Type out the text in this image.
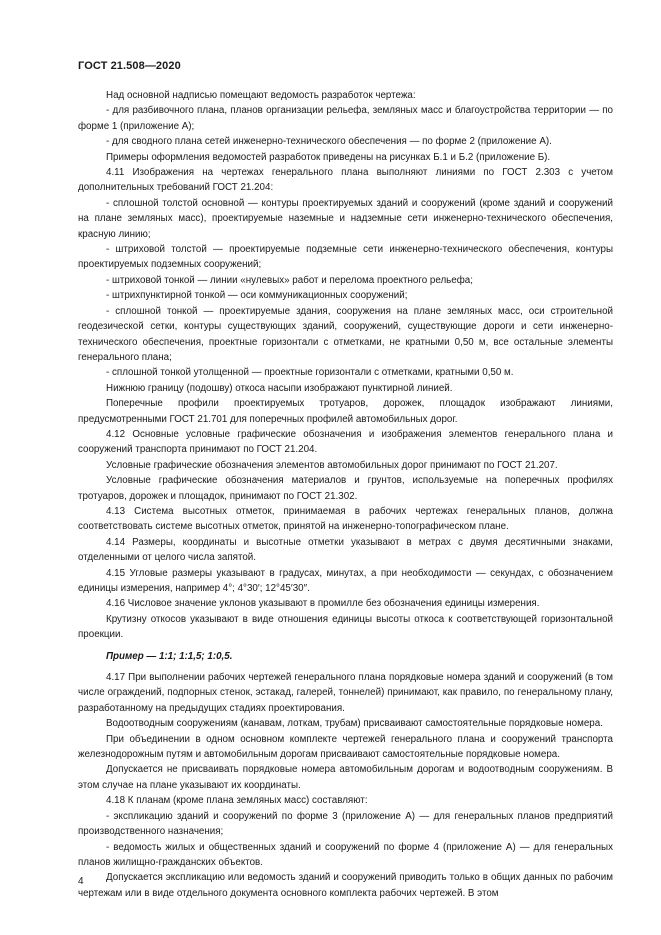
ГОСТ 21.508—2020

Над основной надписью помещают ведомость разработок чертежа:

- для разбивочного плана, планов организации рельефа, земляных масс и благоустройства территории — по форме 1 (приложение А);

- для сводного плана сетей инженерно-технического обеспечения — по форме 2 (приложение А).

Примеры оформления ведомостей разработок приведены на рисунках Б.1 и Б.2 (приложение Б).

4.11 Изображения на чертежах генерального плана выполняют линиями по ГОСТ 2.303 с учетом дополнительных требований ГОСТ 21.204:

- сплошной толстой основной — контуры проектируемых зданий и сооружений (кроме зданий и сооружений на плане земляных масс), проектируемые наземные и надземные сети инженерно-технического обеспечения, красную линию;

- штриховой толстой — проектируемые подземные сети инженерно-технического обеспечения, контуры проектируемых подземных сооружений;

- штриховой тонкой — линии «нулевых» работ и перелома проектного рельефа;

- штрихпунктирной тонкой — оси коммуникационных сооружений;

- сплошной тонкой — проектируемые здания, сооружения на плане земляных масс, оси строительной геодезической сетки, контуры существующих зданий, сооружений, существующие дороги и сети инженерно-технического обеспечения, проектные горизонтали с отметками, не кратными 0,50 м, все остальные элементы генерального плана;

- сплошной тонкой утолщенной — проектные горизонтали с отметками, кратными 0,50 м.

Нижнюю границу (подошву) откоса насыпи изображают пунктирной линией.

Поперечные профили проектируемых тротуаров, дорожек, площадок изображают линиями, предусмотренными ГОСТ 21.701 для поперечных профилей автомобильных дорог.

4.12 Основные условные графические обозначения и изображения элементов генерального плана и сооружений транспорта принимают по ГОСТ 21.204.

Условные графические обозначения элементов автомобильных дорог принимают по ГОСТ 21.207.

Условные графические обозначения материалов и грунтов, используемые на поперечных профилях тротуаров, дорожек и площадок, принимают по ГОСТ 21.302.

4.13 Система высотных отметок, принимаемая в рабочих чертежах генеральных планов, должна соответствовать системе высотных отметок, принятой на инженерно-топографическом плане.

4.14 Размеры, координаты и высотные отметки указывают в метрах с двумя десятичными знаками, отделенными от целого числа запятой.

4.15 Угловые размеры указывают в градусах, минутах, а при необходимости — секундах, с обозначением единицы измерения, например 4°; 4°30′; 12°45′30″.

4.16 Числовое значение уклонов указывают в промилле без обозначения единицы измерения.

Крутизну откосов указывают в виде отношения единицы высоты откоса к соответствующей горизонтальной проекции.

Пример — 1:1; 1:1,5; 1:0,5.

4.17 При выполнении рабочих чертежей генерального плана порядковые номера зданий и сооружений (в том числе ограждений, подпорных стенок, эстакад, галерей, тоннелей) принимают, как правило, по генеральному плану, разработанному на предыдущих стадиях проектирования.

Водоотводным сооружениям (канавам, лоткам, трубам) присваивают самостоятельные порядковые номера.

При объединении в одном основном комплекте чертежей генерального плана и сооружений транспорта железнодорожным путям и автомобильным дорогам присваивают самостоятельные порядковые номера.

Допускается не присваивать порядковые номера автомобильным дорогам и водоотводным сооружениям. В этом случае на плане указывают их координаты.

4.18 К планам (кроме плана земляных масс) составляют:

- экспликацию зданий и сооружений по форме 3 (приложение А) — для генеральных планов предприятий производственного назначения;

- ведомость жилых и общественных зданий и сооружений по форме 4 (приложение А) — для генеральных планов жилищно-гражданских объектов.

Допускается экспликацию или ведомость зданий и сооружений приводить только в общих данных по рабочим чертежам или в виде отдельного документа основного комплекта рабочих чертежей. В этом

4
